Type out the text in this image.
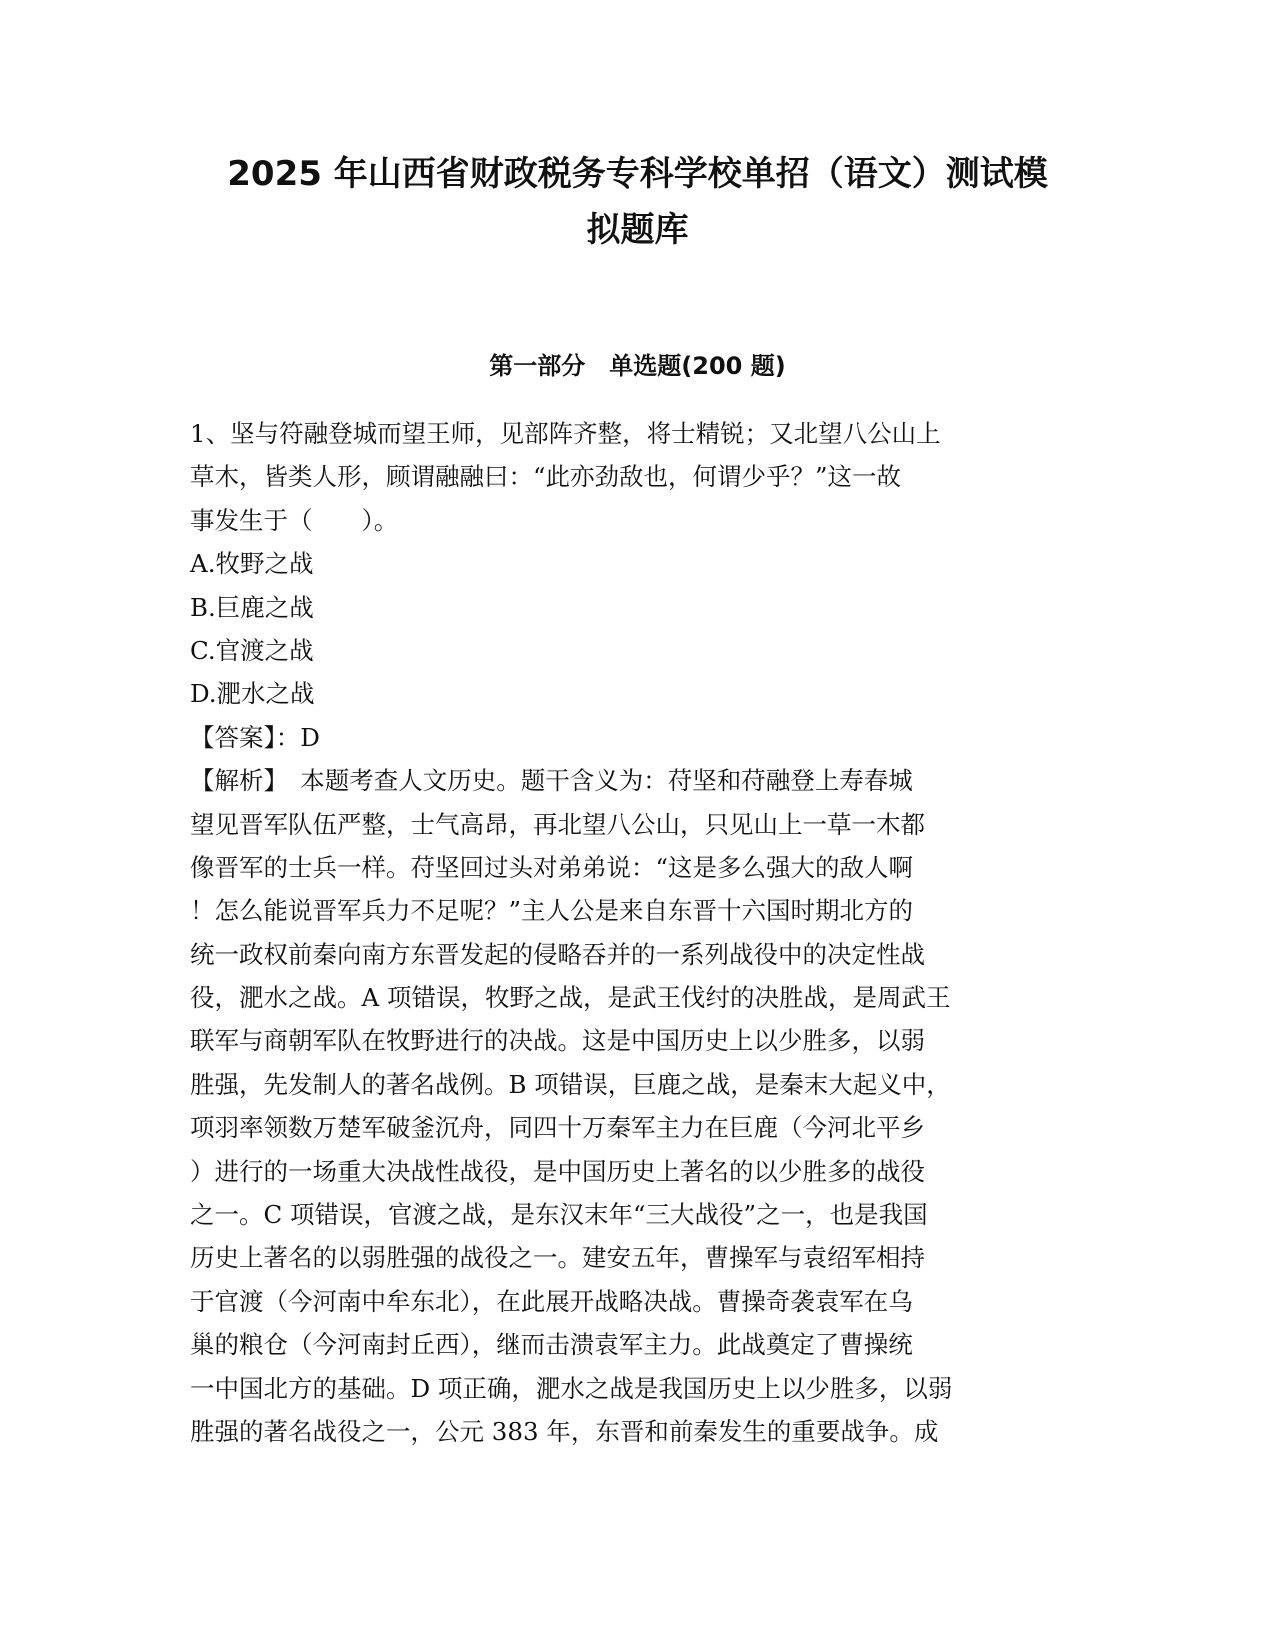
2025 年山西省财政税务专科学校单招（语文）测试模
拟题库
第一部分　单选题(200 题)
1、坚与符融登城而望王师，见部阵齐整，将士精锐；又北望八公山上
草木，皆类人形，顾谓融融曰：“此亦劲敌也，何谓少乎？”这一故
事发生于（　　）。
A.牧野之战
B.巨鹿之战
C.官渡之战
D.淝水之战
【答案】：D
【解析】　本题考查人文历史。题干含义为：苻坚和苻融登上寿春城
望见晋军队伍严整，士气高昂，再北望八公山，只见山上一草一木都
像晋军的士兵一样。苻坚回过头对弟弟说：“这是多么强大的敌人啊
！怎么能说晋军兵力不足呢？”主人公是来自东晋十六国时期北方的
统一政权前秦向南方东晋发起的侵略吞并的一系列战役中的决定性战
役，淝水之战。A 项错误，牧野之战，是武王伐纣的决胜战，是周武王
联军与商朝军队在牧野进行的决战。这是中国历史上以少胜多，以弱
胜强，先发制人的著名战例。B 项错误，巨鹿之战，是秦末大起义中，
项羽率领数万楚军破釜沉舟，同四十万秦军主力在巨鹿（今河北平乡
）进行的一场重大决战性战役，是中国历史上著名的以少胜多的战役
之一。C 项错误，官渡之战，是东汉末年“三大战役”之一，也是我国
历史上著名的以弱胜强的战役之一。建安五年，曹操军与袁绍军相持
于官渡（今河南中牟东北），在此展开战略决战。曹操奇袭袁军在乌
巢的粮仓（今河南封丘西），继而击溃袁军主力。此战奠定了曹操统
一中国北方的基础。D 项正确，淝水之战是我国历史上以少胜多，以弱
胜强的著名战役之一，公元 383 年，东晋和前秦发生的重要战争。成
